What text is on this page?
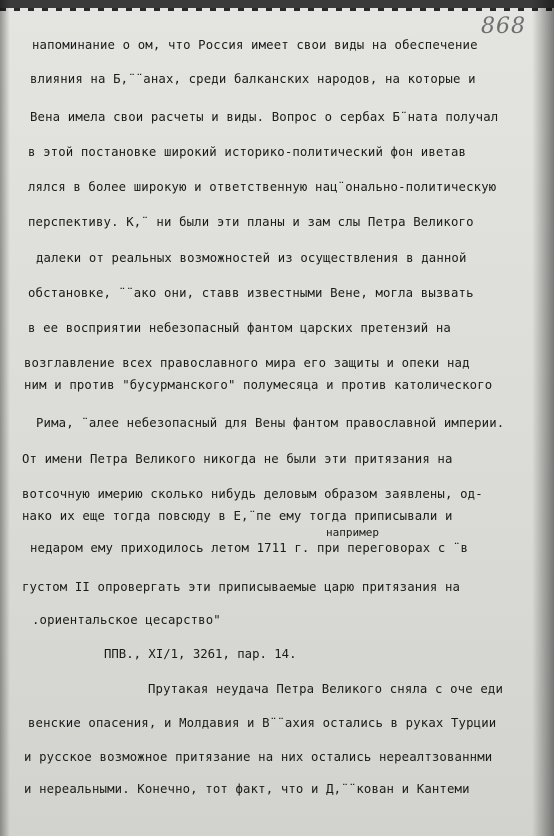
868
напоминание о ом, что Россия имеет свои виды на обеспечение
влияния на Б,¨¨анах, среди балканских народов, на которые и
Вена имела свои расчеты и виды. Вопрос о сербах Б¨ната получал
в этой постановке широкий историко-политический фон иветав
лялся в более широкую и ответственную нац¨онально-политическую
перспективу. К,¨ ни были эти планы и зам слы Петра Великого
далеки от реальных возможностей из осуществления в данной
обстановке, ¨¨ако они, ставв известными Вене, могла вызвать
в ее восприятии небезопасный фантом царских претензий на
возглавление всех православного мира его защиты и опеки над
ним и против "бусурманского" полумесяца и против католического
Рима, ¨алее небезопасный для Вены фантом православной империи.
От имени Петра Великого никогда не были эти притязания на
вотсочную имерию сколько нибудь деловым образом заявлены, од-
нако их еще тогда повсюду в Е,¨пе ему тогда приписывали и
например
недаром ему приходилось летом 1711 г. при переговорах с ¨в
густом II опровергать эти приписываемые царю притязания на
.ориентальское цесарство"
ППВ., XI/1, 3261, пар. 14.
Прутакая неудача Петра Великого сняла с оче еди
венские опасения, и Молдавия и В¨¨ахия остались в руках Турции
и русское возможное притязание на них остались нереалтзованнми
и нереальными. Конечно, тот факт, что и Д,¨¨кован и Кантеми
